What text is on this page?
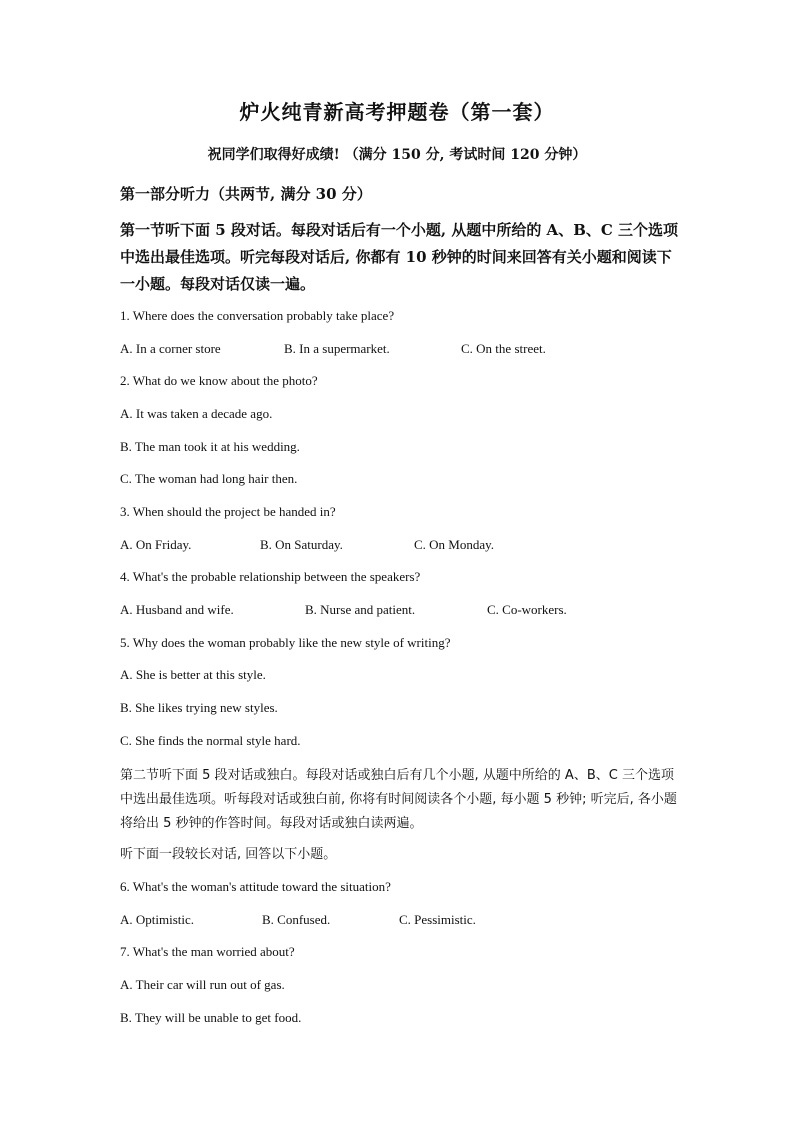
炉火纯青新高考押题卷（第一套）
祝同学们取得好成绩! （满分 150 分, 考试时间 120 分钟）
第一部分听力（共两节, 满分 30 分）
第一节听下面 5 段对话。每段对话后有一个小题, 从题中所给的 A、B、C 三个选项中选出最佳选项。听完每段对话后, 你都有 10 秒钟的时间来回答有关小题和阅读下一小题。每段对话仅读一遍。
1. Where does the conversation probably take place?
A. In a corner store	B. In a supermarket.	C. On the street.
2. What do we know about the photo?
A. It was taken a decade ago.
B. The man took it at his wedding.
C. The woman had long hair then.
3. When should the project be handed in?
A. On Friday.	B. On Saturday.	C. On Monday.
4. What's the probable relationship between the speakers?
A. Husband and wife.	B. Nurse and patient.	C. Co-workers.
5. Why does the woman probably like the new style of writing?
A. She is better at this style.
B. She likes trying new styles.
C. She finds the normal style hard.
第二节听下面 5 段对话或独白。每段对话或独白后有几个小题, 从题中所给的 A、B、C 三个选项中选出最佳选项。听每段对话或独白前, 你将有时间阅读各个小题, 每小题 5 秒钟; 听完后, 各小题将给出 5 秒钟的作答时间。每段对话或独白读两遍。
听下面一段较长对话, 回答以下小题。
6. What's the woman's attitude toward the situation?
A. Optimistic.	B. Confused.	C. Pessimistic.
7. What's the man worried about?
A. Their car will run out of gas.
B. They will be unable to get food.
